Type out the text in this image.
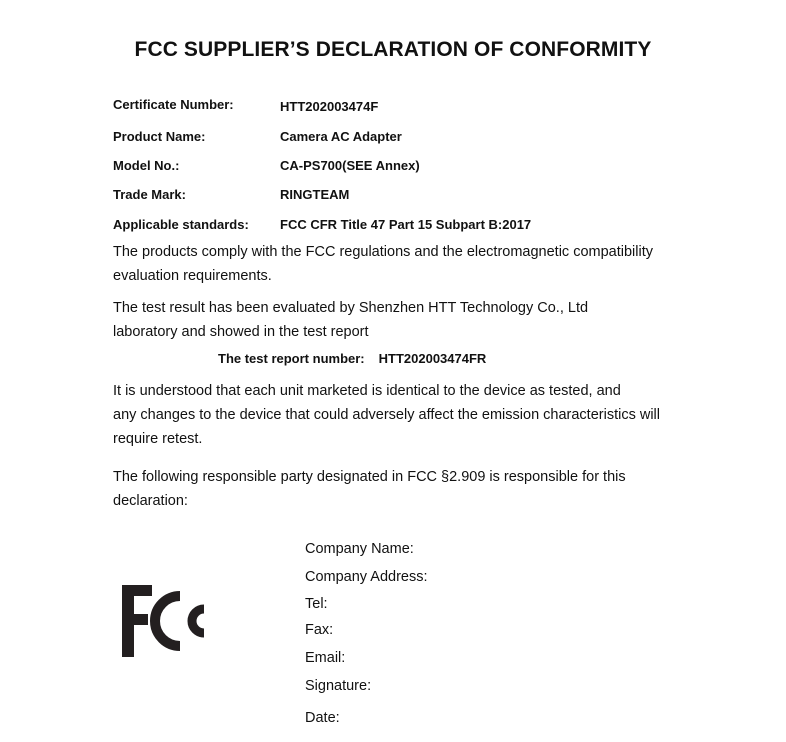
FCC SUPPLIER’S DECLARATION OF CONFORMITY
Certificate Number:	HTT202003474F
Product Name:	Camera AC Adapter
Model No.:	CA-PS700(SEE Annex)
Trade Mark:	RINGTEAM
Applicable standards: FCC CFR Title 47 Part 15 Subpart B:2017
The products comply with the FCC regulations and the electromagnetic compatibility
evaluation requirements.
The test result has been evaluated by Shenzhen HTT Technology Co., Ltd
laboratory and showed in the test report
The test report number: HTT202003474FR
It is understood that each unit marketed is identical to the device as tested, and
any changes to the device that could adversely affect the emission characteristics will
require retest.
The following responsible party designated in FCC §2.909 is responsible for this
declaration:
Company Name:
Company Address:
Tel:
Fax:
Email:
Signature:
Date:
